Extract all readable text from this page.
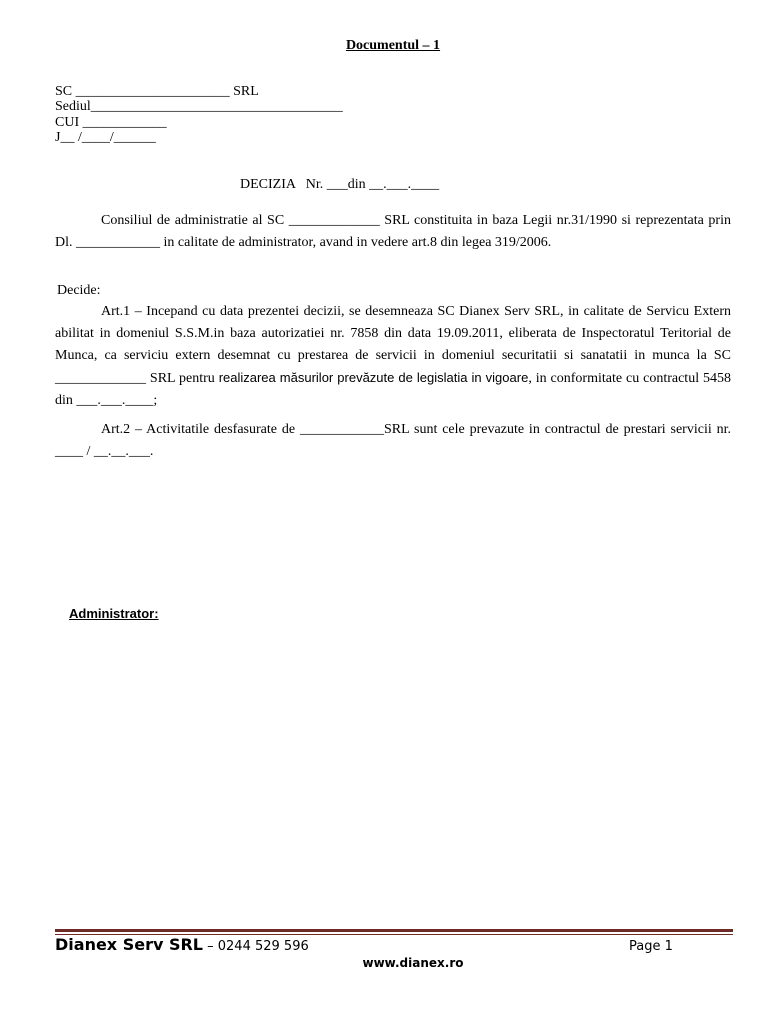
Documentul – 1
SC ______________________ SRL
Sediul____________________________________
CUI ____________
J__ /____/______
DECIZIA   Nr. ___din __.___.____
Consiliul de administratie al SC _____________ SRL constituita in baza Legii nr.31/1990 si reprezentata prin Dl. ____________ in calitate de administrator, avand in vedere art.8 din legea 319/2006.
Decide:
Art.1 – Incepand cu data prezentei decizii, se desemneaza SC Dianex Serv SRL, in calitate de Servicu Extern abilitat in domeniul S.S.M.in baza autorizatiei nr. 7858 din data 19.09.2011, eliberata de Inspectoratul Teritorial de Munca, ca serviciu extern desemnat cu prestarea de servicii in domeniul securitatii si sanatatii in munca la SC _____________ SRL pentru realizarea măsurilor prevăzute de legislatia in vigoare, in conformitate cu contractul 5458 din ___.___.____;
Art.2 – Activitatile desfasurate de ____________SRL sunt cele prevazute in contractul de prestari servicii nr. ____ / __.__.___.
Administrator:
Dianex Serv SRL – 0244 529 596	Page 1
www.dianex.ro
